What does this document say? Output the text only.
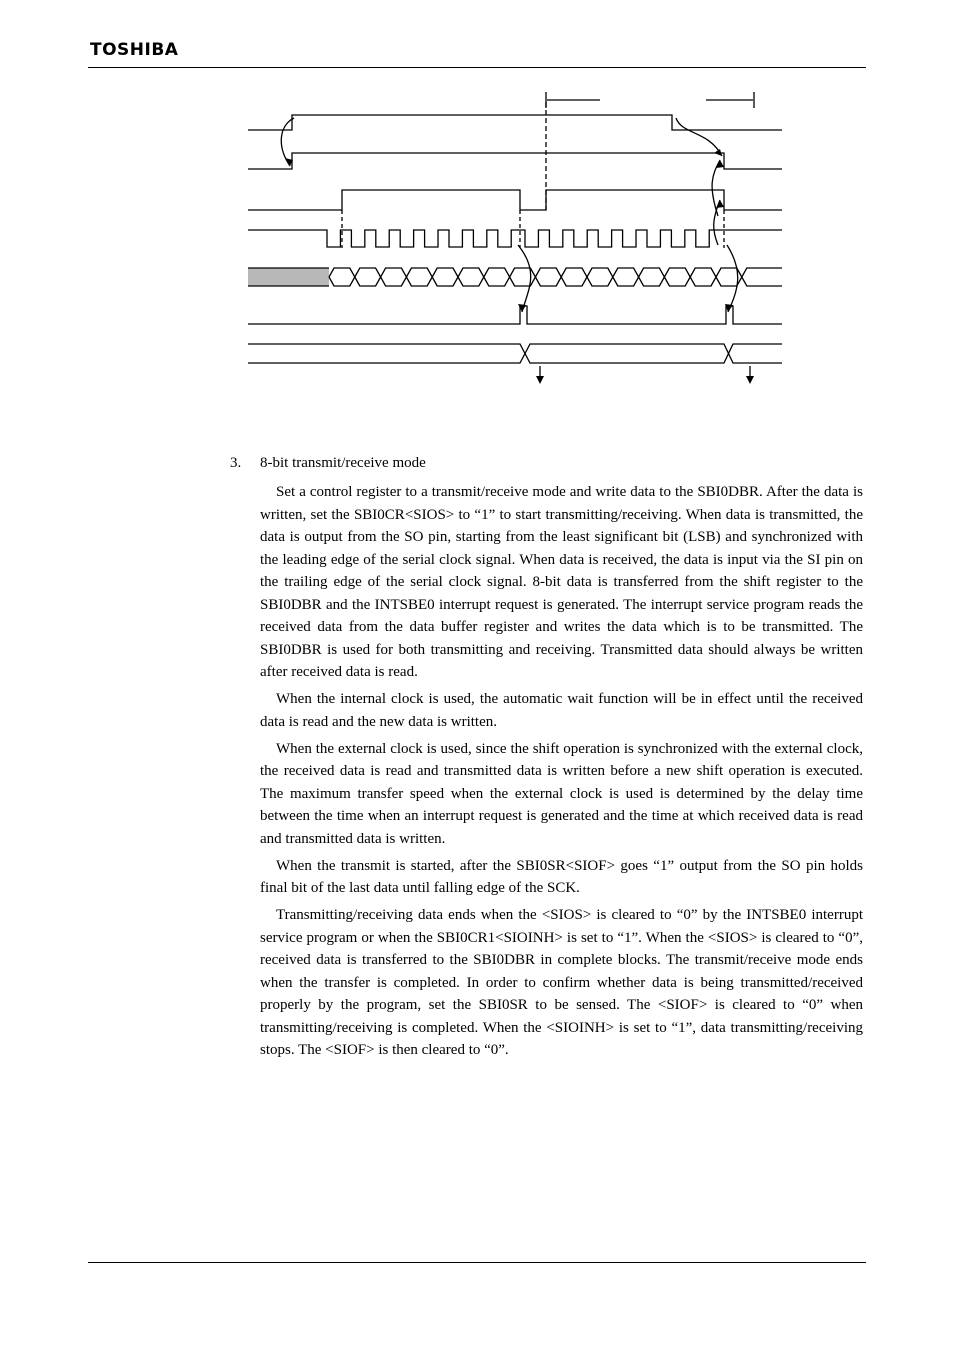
TOSHIBA
3. 8-bit transmit/receive mode

Set a control register to a transmit/receive mode and write data to the SBI0DBR. After the data is written, set the SBI0CR<SIOS> to “1” to start transmitting/receiving. When data is transmitted, the data is output from the SO pin, starting from the least significant bit (LSB) and synchronized with the leading edge of the serial clock signal. When data is received, the data is input via the SI pin on the trailing edge of the serial clock signal. 8-bit data is transferred from the shift register to the SBI0DBR and the INTSBE0 interrupt request is generated. The interrupt service program reads the received data from the data buffer register and writes the data which is to be transmitted. The SBI0DBR is used for both transmitting and receiving. Transmitted data should always be written after received data is read.

When the internal clock is used, the automatic wait function will be in effect until the received data is read and the new data is written.

When the external clock is used, since the shift operation is synchronized with the external clock, the received data is read and transmitted data is written before a new shift operation is executed. The maximum transfer speed when the external clock is used is determined by the delay time between the time when an interrupt request is generated and the time at which received data is read and transmitted data is written.

When the transmit is started, after the SBI0SR<SIOF> goes “1” output from the SO pin holds final bit of the last data until falling edge of the SCK.

Transmitting/receiving data ends when the <SIOS> is cleared to “0” by the INTSBE0 interrupt service program or when the SBI0CR1<SIOINH> is set to “1”. When the <SIOS> is cleared to “0”, received data is transferred to the SBI0DBR in complete blocks. The transmit/receive mode ends when the transfer is completed. In order to confirm whether data is being transmitted/received properly by the program, set the SBI0SR to be sensed. The <SIOF> is cleared to “0” when transmitting/receiving is completed. When the <SIOINH> is set to “1”, data transmitting/receiving stops. The <SIOF> is then cleared to “0”.
